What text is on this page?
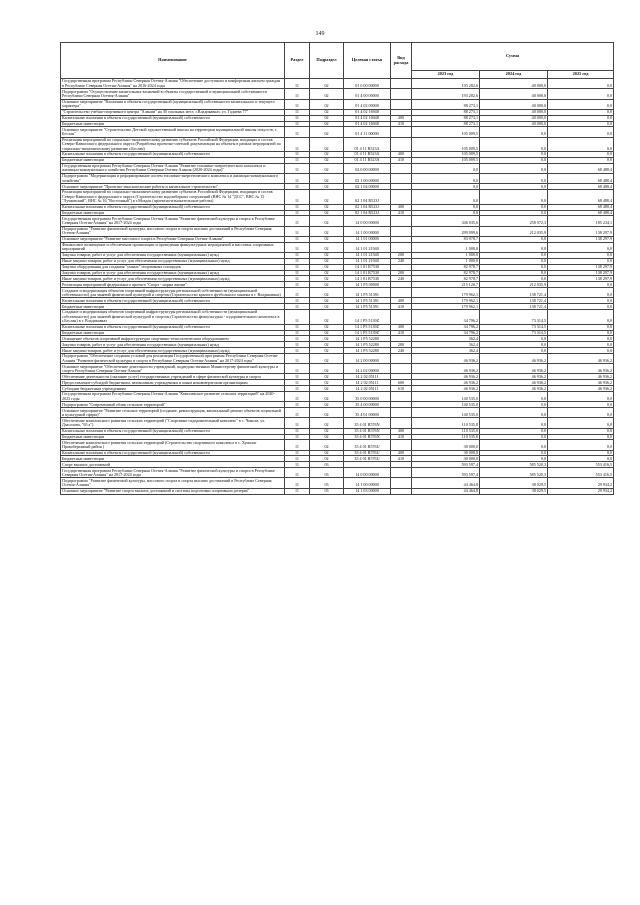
149
Наименование	Раздел	Подраздел	Целевая статья	Вид расхода	Сумма		
					2023 год	2024 год	2025 год
Государственная программа Республики Северная Осетия-Алания "Обеспечение доступным и комфортным жильем граждан в Республике Северная Осетия-Алания" на 2016-2024 годы	11	02	01 0 00 00000		193 282,6	40 000,0	0,0
Подпрограмма "Осуществление капитальных вложений в объекты государственной и муниципальной собственности Республики Северная Осетия-Алания"	11	02	01 4 00 00000		193 282,6	40 000,0	0,0
Основное мероприятие "Вложения в объекты государственной (муниципальной) собственности капитального и текущего характера"	11	02	01 4 02 00000		88 273,1	40 000,0	0,0
"Строительство учебно-спортивного центра "Алании" на 30 спальных мест, г.Владикавказ, ул. Гадиева 77"	11	02	01 4 02 16948		88 273,1	40 000,0	0,0
Капитальные вложения в объекты государственной (муниципальной) собственности	11	02	01 4 02 16948	400	88 273,1	40 000,0	0,0
Бюджетные инвестиции	11	02	01 4 02 16948	410	88 273,1	40 000,0	0,0
Основное мероприятие "Строительство Детской художественной школы на территории муниципальной школы искусств, г. Беслан"	11	02	01 4 11 00000		105 009,5	0,0	0,0
Реализация мероприятий по социально-экономическому развитию субъектов Российской Федерации, входящих в состав Северо-Кавказского федерального округа (Разработка проектно-сметной документации на объекты в рамках мероприятий по социально-экономическому развитию г.Беслан)	11	02	01 4 11 R523A		105 009,5	0,0	0,0
Капитальные вложения в объекты государственной (муниципальной) собственности	11	02	01 4 11 R523A	400	105 009,5	0,0	0,0
Бюджетные инвестиции	11	02	01 4 11 R523A	410	105 009,5	0,0	0,0
Государственная программа Республики Северная Осетия-Алания "Развитие топливно-энергетического комплекса и жилищно-коммунального хозяйства Республики Северная Осетия-Алания (2020-2024 годы)"	11	02	02 0 00 00000		0,0	0,0	68 488,4
Подпрограмма "Модернизация и реформирование систем топливно-энергетического комплекса и жилищно-коммунального хозяйства"	11	02	02 1 00 00000		0,0	0,0	68 488,4
Основное мероприятие "Проектно-изыскательские работы и капитальное строительство"	11	02	02 1 04 00000		0,0	0,0	68 488,4
Реализация мероприятий по социально-экономическому развитию субъектов Российской Федерации, входящих в состав Северо-Кавказского федерального округа (Строительство водозаборных сооружений (ВНС № 14 "ДСС", ВНС № 15 "Лучковский", ВНС № 16 "Восточный") в г.Моздок (проектно-изыскательские работы)	11	02	02 1 04 R523J		0,0	0,0	68 488,4
Капитальные вложения в объекты государственной (муниципальной) собственности	11	02	02 1 04 R523J	400	0,0	0,0	68 488,4
Бюджетные инвестиции	11	02	02 1 04 R523J	410	0,0	0,0	68 488,4
Государственная программа Республики Северная Осетия-Алания "Развитие физической культуры и спорта в Республике Северная Осетия-Алания" на 2017-2024 годы	11	02	14 0 00 00000		346 035,6	258 972,3	185 234,1
Подпрограмма "Развитие физической культуры, массового спорта и спорта высших достижений в Республике Северная Осетия-Алания"	11	02	14 1 00 00000		299 099,6	212 035,9	138 297,9
Основное мероприятие "Развитие массового спорта в Республике Северная Осетия-Алания"	11	02	14 1 01 00000		83 978,7	0,0	138 297,9
Финансовое возмещение и обеспечение организации и проведения физкультурных мероприятий и массовых спортивных мероприятий	11	02	14 1 01 21940		1 000,0	0,0	0,0
Закупка товаров, работ и услуг для обеспечения государственных (муниципальных) нужд	11	02	14 1 01 21940	200	1 000,0	0,0	0,0
Иные закупки товаров, работ и услуг для обеспечения государственных (муниципальных) нужд	11	02	14 1 01 21940	240	1 000,0	0,0	0,0
Закупка оборудования для создания "умных" спортивных площадок	11	02	14 1 01 R7530		82 978,7	0,0	138 297,9
Закупка товаров, работ и услуг для обеспечения государственных (муниципальных) нужд	11	02	14 1 01 R7530	200	82 978,7	0,0	138 297,9
Иные закупки товаров, работ и услуг для обеспечения государственных (муниципальных) нужд	11	02	14 1 01 R7530	240	82 978,7	0,0	138 297,9
Реализация мероприятий федерального проекта "Спорт - норма жизни"	11	02	14 1 P5 00000		215 120,7	212 035,9	0,0
Создание и модернизация объектов спортивной инфраструктуры региональной собственности (муниципальной собственности) для занятий физической культурой и спортом (Строительство крытого футбольного манежа в г. Владикавказ)	11	02	14 1 P5 51391		179 962,1	138 721,4	0,0
Капитальные вложения в объекты государственной (муниципальной) собственности	11	02	14 1 P5 51391	400	179 962,1	138 721,4	0,0
Бюджетные инвестиции	11	02	14 1 P5 51391	410	179 962,1	138 721,4	0,0
Создание и модернизация объектов спортивной инфраструктуры региональной собственности (муниципальной собственности) для занятий физической культурой и спортом (Строительство физкультурно - оздоровительного комплекса в г.Беслан) в г. Владикавказ	11	02	14 1 P5 5139Z		34 796,2	73 314,5	0,0
Капитальные вложения в объекты государственной (муниципальной) собственности	11	02	14 1 P5 5139Z	400	34 796,2	73 314,5	0,0
Бюджетные инвестиции	11	02	14 1 P5 5139Z	410	34 796,2	73 314,5	0,0
Оснащение объектов спортивной инфраструктуры спортивно-технологическим оборудованием	11	02	14 1 P5 52280		362,4	0,0	0,0
Закупка товаров, работ и услуг для обеспечения государственных (муниципальных) нужд	11	02	14 1 P5 52280	200	362,4	0,0	0,0
Иные закупки товаров, работ и услуг для обеспечения государственных (муниципальных) нужд	11	02	14 1 P5 52280	240	362,4	0,0	0,0
Подпрограмма "Обеспечение создания условий для реализации Государственной программы Республики Северная Осетия-Алания "Развитие физической культуры и спорта в Республике Северная Осетия-Алания" на 2017-2024 годы"	11	02	14 2 00 00000		46 936,2	46 936,2	46 936,2
Основное мероприятие "Обеспечение деятельности учреждений, подведомственных Министерству физической культуры и спорта Республики Северная Осетия-Алания"	11	02	14 2 02 00000		46 936,2	46 936,2	46 936,2
Обеспечение деятельности (оказание услуг) государственных учреждений в сфере физической культуры и спорта	11	02	14 2 02 05111		46 936,2	46 936,2	46 936,2
Предоставление субсидий бюджетным, автономным учреждениям и иным некоммерческим организациям	11	02	14 2 02 05111	600	46 936,2	46 936,2	46 936,2
Субсидии бюджетным учреждениям	11	02	14 2 02 05111	610	46 936,2	46 936,2	46 936,2
Государственная программа Республики Северная Осетия-Алания "Комплексное развитие сельских территорий" на 2020-2025 годы	11	02	35 0 00 00000		140 535,0	0,0	0,0
Подпрограмма "Современный облик сельских территорий"	11	02	35 4 00 00000		140 535,0	0,0	0,0
Основное мероприятие "Развитие сельских территорий (создание, реконструкция, капитальный ремонт объектов социальной и культурной сферы)"	11	02	35 4 01 00000		140 535,0	0,0	0,0
Обеспечение комплексного развития сельских территорий ("Спортивно-оздоровительный комплекс" в с. Чикола, ул. Дзасохова, "65 а")	11	02	35 4 01 R576N		110 535,0	0,0	0,0
Капитальные вложения в объекты государственной (муниципальной) собственности	11	02	35 4 01 R576N	400	110 535,0	0,0	0,0
Бюджетные инвестиции	11	02	35 4 01 R576N	410	110 535,0	0,0	0,0
Обеспечение комплексного развития сельских территорий (Строительство спортивного комплекса в с. Хумалаг Правобережный район )	11	02	35 4 01 R576U		30 000,0	0,0	0,0
Капитальные вложения в объекты государственной (муниципальной) собственности	11	02	35 4 01 R576U	400	30 000,0	0,0	0,0
Бюджетные инвестиции	11	02	35 4 01 R576U	410	30 000,0	0,0	0,0
Спорт высших достижений	11	03			593 597,4	585 520,3	553 416,5
Государственная программа Республики Северная Осетия-Алания "Развитие физической культуры и спорта в Республике Северная Осетия-Алания" на 2017-2024 годы	11	03	14 0 00 00000		593 597,4	585 520,3	553 416,5
Подпрограмма "Развитие физической культуры, массового спорта и спорта высших достижений в Республике Северная Осетия-Алания"	11	03	14 1 00 00000		44 464,8	38 029,5	29 934,2
Основное мероприятие "Развитие спорта высших достижений и системы подготовки спортивного резерва"	11	03	14 1 03 00000		44 464,8	38 029,5	29 934,2
